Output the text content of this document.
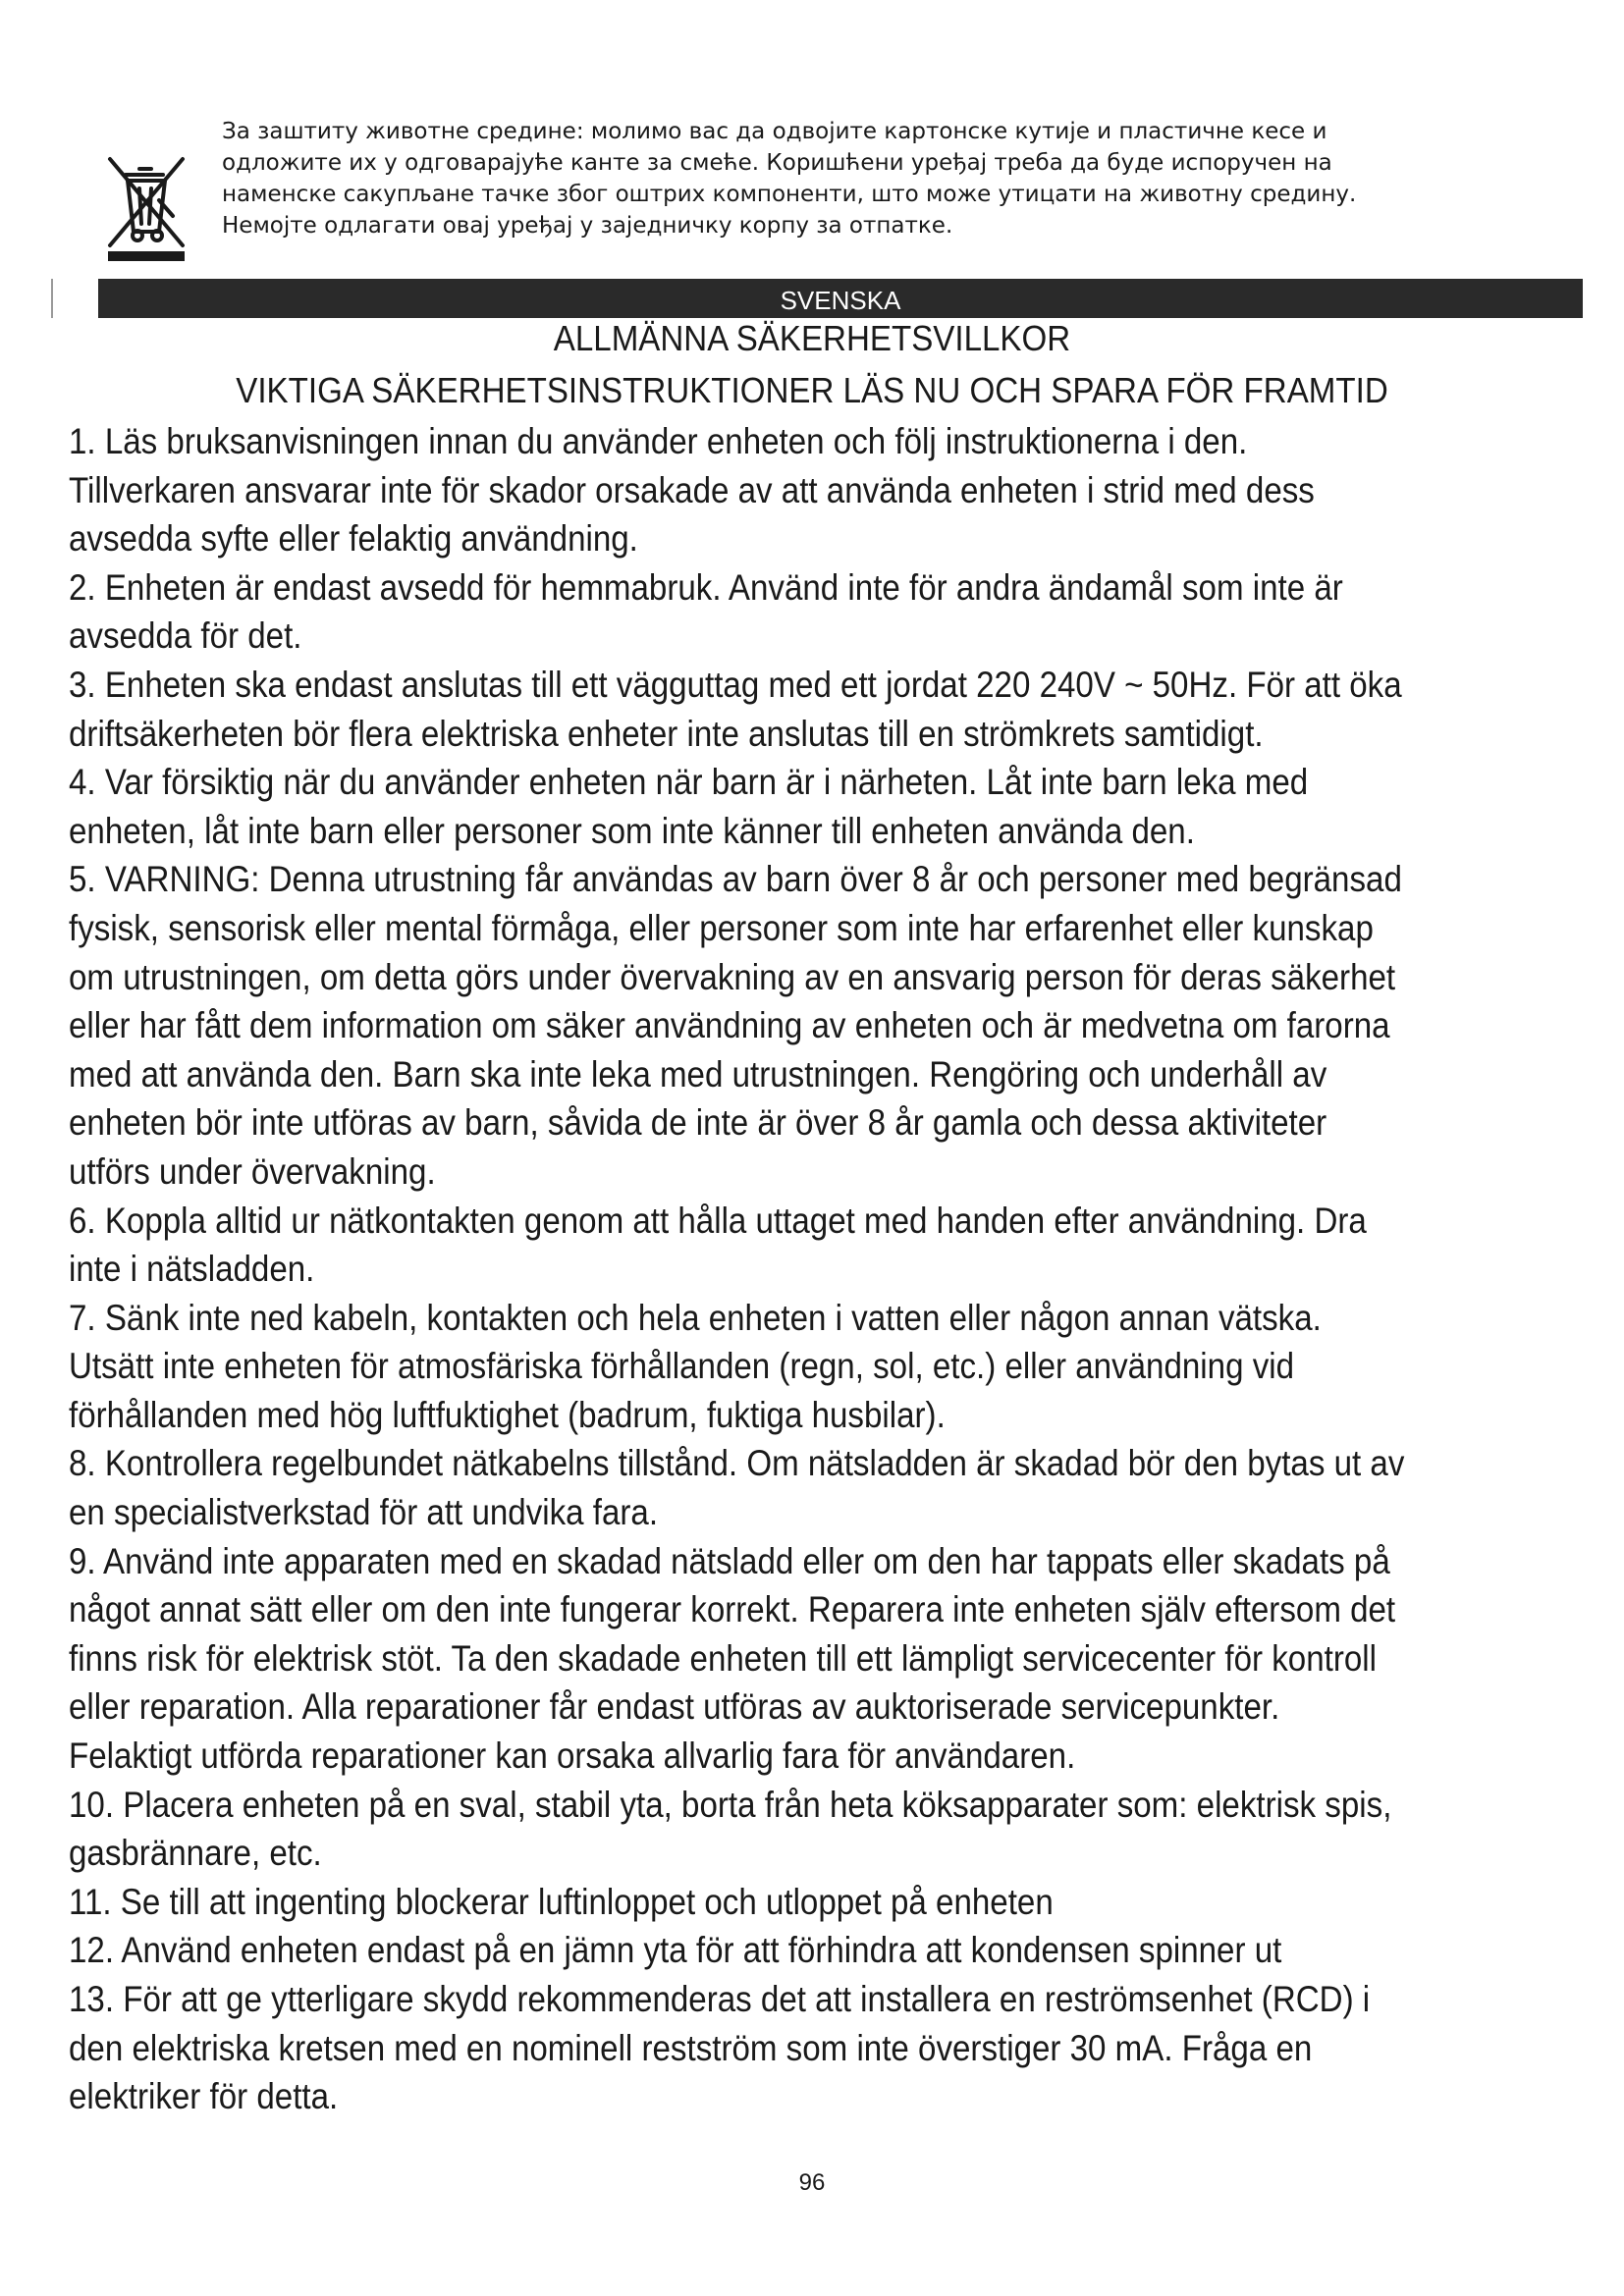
За заштиту животне средине: молимо вас да одвојите картонске кутије и пластичне кесе и

одложите их у одговарајуће канте за смеће. Коришћени уређај треба да буде испоручен на

наменске сакупљане тачке због оштрих компоненти, што може утицати на животну средину.

Немојте одлагати овај уређај у заједничку корпу за отпатке.

SVENSKA
ALLMÄNNA SÄKERHETSVILLKOR
VIKTIGA SÄKERHETSINSTRUKTIONER LÄS NU OCH SPARA FÖR FRAMTID

1. Läs bruksanvisningen innan du använder enheten och följ instruktionerna i den.

Tillverkaren ansvarar inte för skador orsakade av att använda enheten i strid med dess

avsedda syfte eller felaktig användning.

2. Enheten är endast avsedd för hemmabruk. Använd inte för andra ändamål som inte är

avsedda för det.

3. Enheten ska endast anslutas till ett vägguttag med ett jordat 220 240V ~ 50Hz. För att öka

driftsäkerheten bör flera elektriska enheter inte anslutas till en strömkrets samtidigt.

4. Var försiktig när du använder enheten när barn är i närheten. Låt inte barn leka med

enheten, låt inte barn eller personer som inte känner till enheten använda den.

5. VARNING: Denna utrustning får användas av barn över 8 år och personer med begränsad

fysisk, sensorisk eller mental förmåga, eller personer som inte har erfarenhet eller kunskap

om utrustningen, om detta görs under övervakning av en ansvarig person för deras säkerhet

eller har fått dem information om säker användning av enheten och är medvetna om farorna

med att använda den. Barn ska inte leka med utrustningen. Rengöring och underhåll av

enheten bör inte utföras av barn, såvida de inte är över 8 år gamla och dessa aktiviteter

utförs under övervakning.

6. Koppla alltid ur nätkontakten genom att hålla uttaget med handen efter användning. Dra

inte i nätsladden.

7. Sänk inte ned kabeln, kontakten och hela enheten i vatten eller någon annan vätska.

Utsätt inte enheten för atmosfäriska förhållanden (regn, sol, etc.) eller användning vid

förhållanden med hög luftfuktighet (badrum, fuktiga husbilar).

8. Kontrollera regelbundet nätkabelns tillstånd. Om nätsladden är skadad bör den bytas ut av

en specialistverkstad för att undvika fara.

9. Använd inte apparaten med en skadad nätsladd eller om den har tappats eller skadats på

något annat sätt eller om den inte fungerar korrekt. Reparera inte enheten själv eftersom det

finns risk för elektrisk stöt. Ta den skadade enheten till ett lämpligt servicecenter för kontroll

eller reparation. Alla reparationer får endast utföras av auktoriserade servicepunkter.

Felaktigt utförda reparationer kan orsaka allvarlig fara för användaren.

10. Placera enheten på en sval, stabil yta, borta från heta köksapparater som: elektrisk spis,

gasbrännare, etc.

11. Se till att ingenting blockerar luftinloppet och utloppet på enheten

12. Använd enheten endast på en jämn yta för att förhindra att kondensen spinner ut

13. För att ge ytterligare skydd rekommenderas det att installera en reströmsenhet (RCD) i

den elektriska kretsen med en nominell restström som inte överstiger 30 mA. Fråga en

elektriker för detta.

96
